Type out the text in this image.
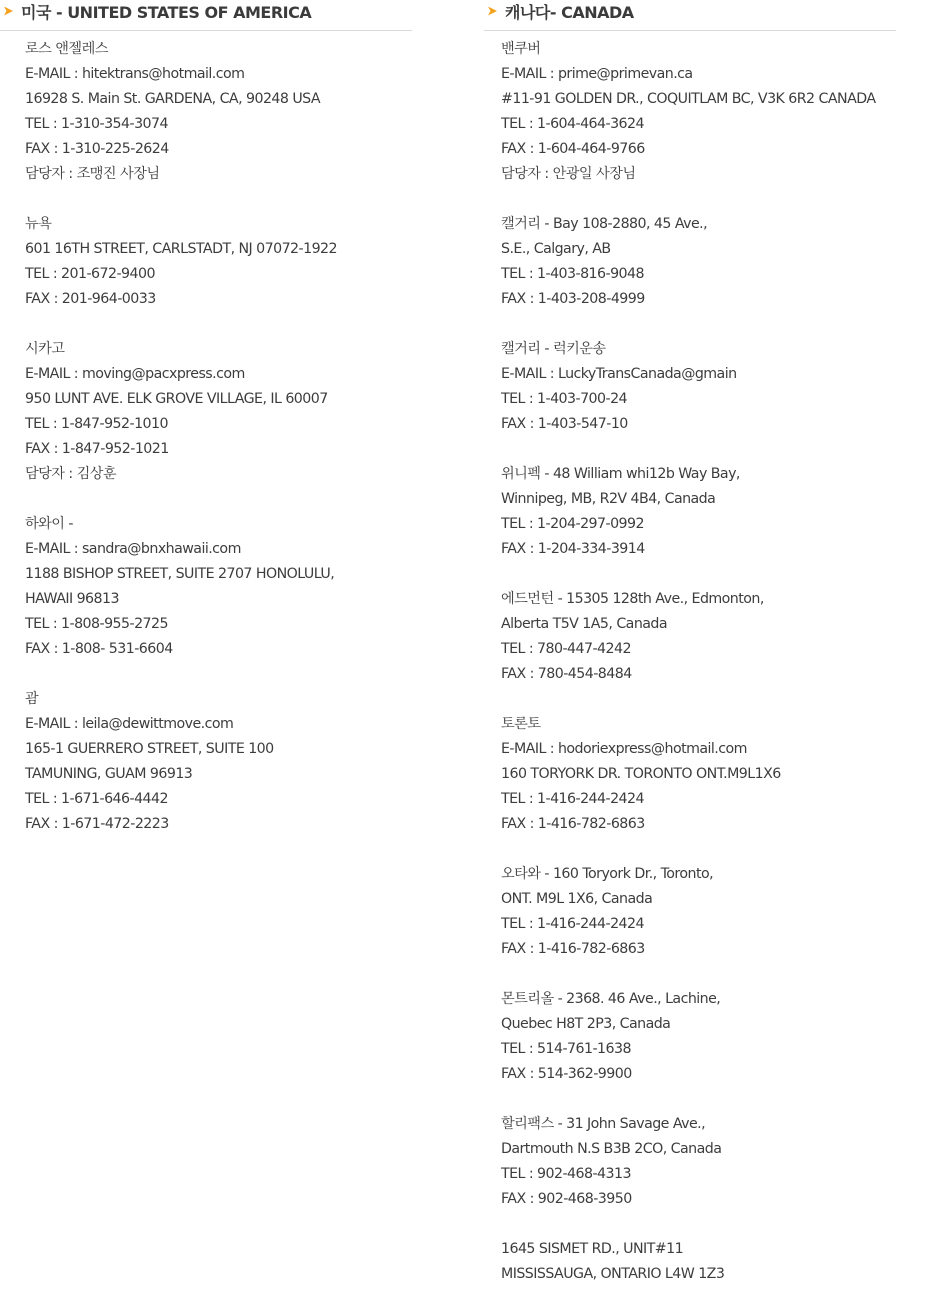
미국 - UNITED STATES OF AMERICA
로스 앤젤레스
E-MAIL : hitektrans@hotmail.com
16928 S. Main St. GARDENA, CA, 90248 USA
TEL : 1-310-354-3074
FAX : 1-310-225-2624
담당자 : 조맹진 사장님
뉴욕
601 16TH STREET, CARLSTADT, NJ 07072-1922
TEL : 201-672-9400
FAX : 201-964-0033
시카고
E-MAIL : moving@pacxpress.com
950 LUNT AVE. ELK GROVE VILLAGE, IL 60007
TEL : 1-847-952-1010
FAX : 1-847-952-1021
담당자 : 김상훈
하와이 -
E-MAIL : sandra@bnxhawaii.com
1188 BISHOP STREET, SUITE 2707 HONOLULU,
HAWAII 96813
TEL : 1-808-955-2725
FAX : 1-808- 531-6604
괌
E-MAIL : leila@dewittmove.com
165-1 GUERRERO STREET, SUITE 100
TAMUNING, GUAM 96913
TEL : 1-671-646-4442
FAX : 1-671-472-2223
캐나다- CANADA
밴쿠버
E-MAIL : prime@primevan.ca
#11-91 GOLDEN DR., COQUITLAM BC, V3K 6R2 CANADA
TEL : 1-604-464-3624
FAX : 1-604-464-9766
담당자 : 안광일 사장님
캘거리 - Bay 108-2880, 45 Ave.,
S.E., Calgary, AB
TEL : 1-403-816-9048
FAX : 1-403-208-4999
캘거리 - 럭키운송
E-MAIL : LuckyTransCanada@gmain
TEL : 1-403-700-24
FAX : 1-403-547-10
위니펙 - 48 William whi12b Way Bay,
Winnipeg, MB, R2V 4B4, Canada
TEL : 1-204-297-0992
FAX : 1-204-334-3914
에드먼턴 - 15305 128th Ave., Edmonton,
Alberta T5V 1A5, Canada
TEL : 780-447-4242
FAX : 780-454-8484
토론토
E-MAIL : hodoriexpress@hotmail.com
160 TORYORK DR. TORONTO ONT.M9L1X6
TEL : 1-416-244-2424
FAX : 1-416-782-6863
오타와 - 160 Toryork Dr., Toronto,
ONT. M9L 1X6, Canada
TEL : 1-416-244-2424
FAX : 1-416-782-6863
몬트리올 - 2368. 46 Ave., Lachine,
Quebec H8T 2P3, Canada
TEL : 514-761-1638
FAX : 514-362-9900
할리팩스 - 31 John Savage Ave.,
Dartmouth N.S B3B 2CO, Canada
TEL : 902-468-4313
FAX : 902-468-3950
1645 SISMET RD., UNIT#11
MISSISSAUGA, ONTARIO L4W 1Z3
